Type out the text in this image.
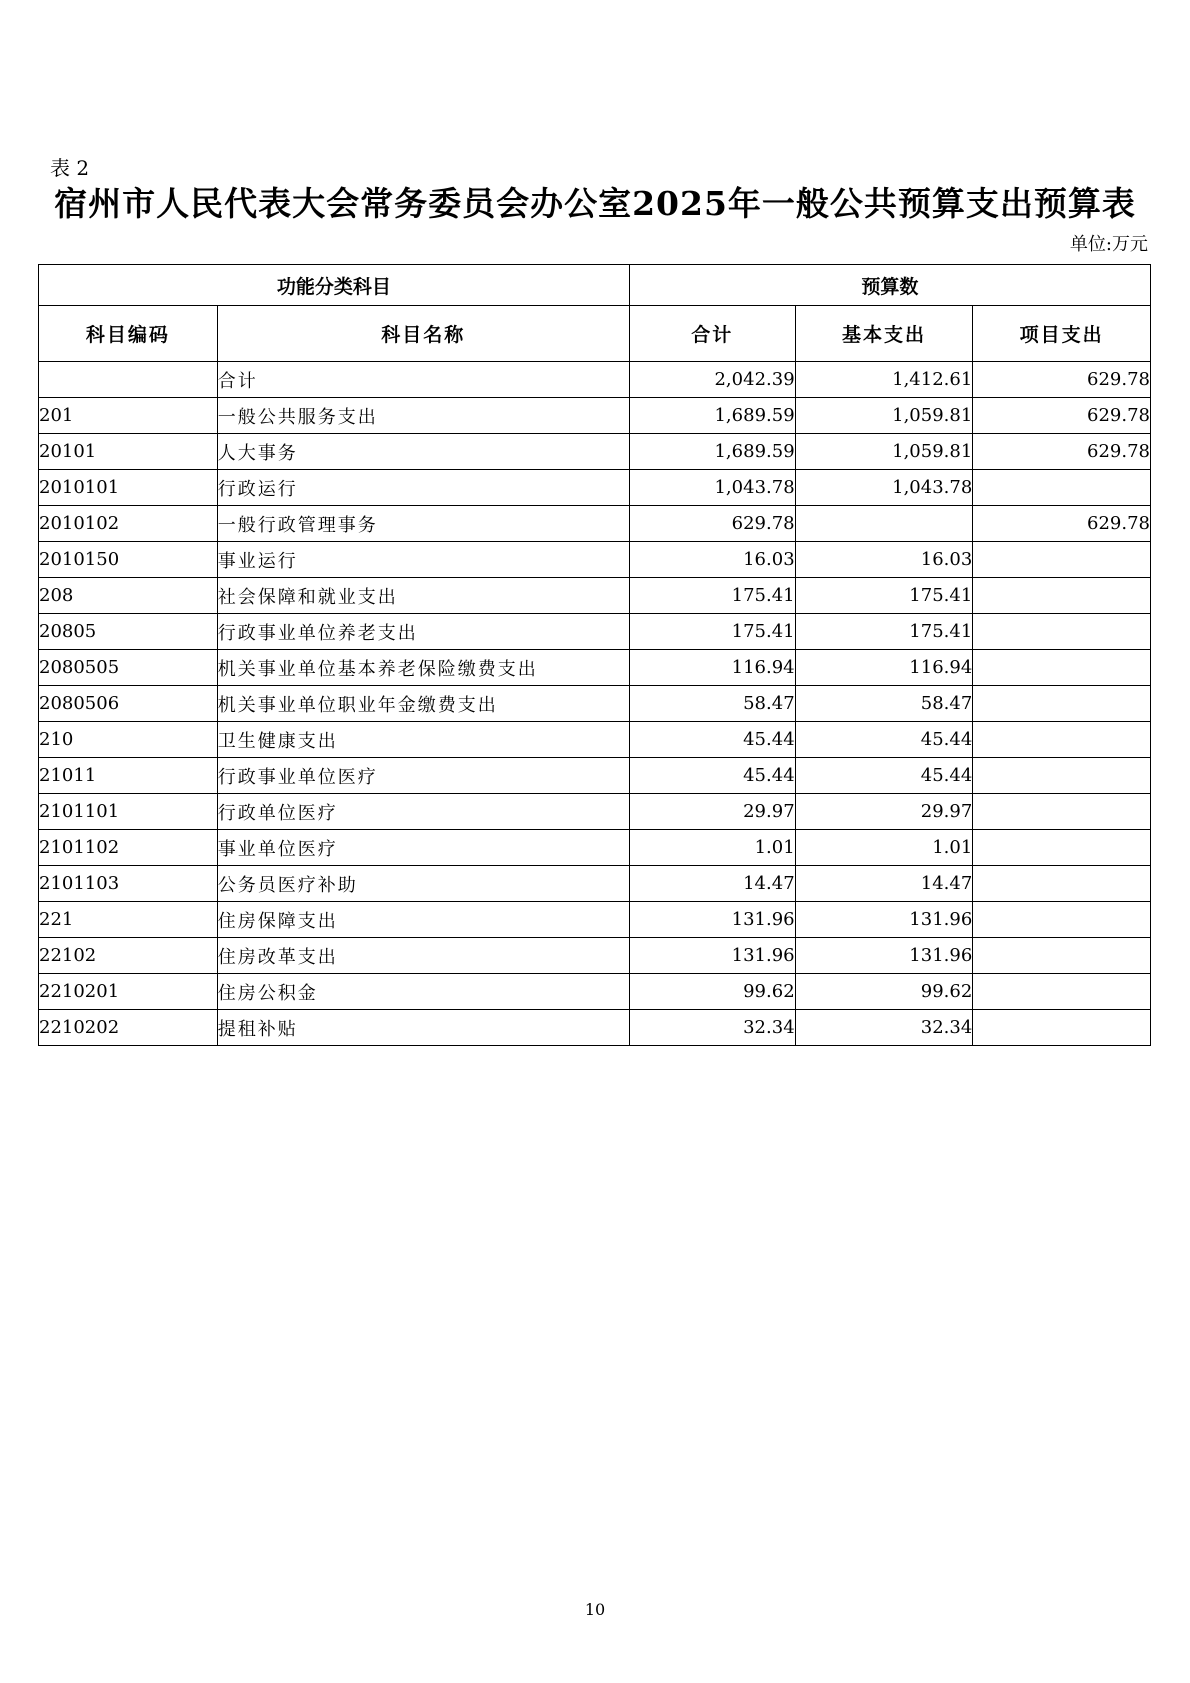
表 2
宿州市人民代表大会常务委员会办公室2025年一般公共预算支出预算表
单位:万元
功能分类科目		预算数		
科目编码	科目名称	合计	基本支出	项目支出
	合计	2,042.39	1,412.61	629.78
201	一般公共服务支出	1,689.59	1,059.81	629.78
20101	人大事务	1,689.59	1,059.81	629.78
2010101	行政运行	1,043.78	1,043.78	
2010102	一般行政管理事务	629.78		629.78
2010150	事业运行	16.03	16.03	
208	社会保障和就业支出	175.41	175.41	
20805	行政事业单位养老支出	175.41	175.41	
2080505	机关事业单位基本养老保险缴费支出	116.94	116.94	
2080506	机关事业单位职业年金缴费支出	58.47	58.47	
210	卫生健康支出	45.44	45.44	
21011	行政事业单位医疗	45.44	45.44	
2101101	行政单位医疗	29.97	29.97	
2101102	事业单位医疗	1.01	1.01	
2101103	公务员医疗补助	14.47	14.47	
221	住房保障支出	131.96	131.96	
22102	住房改革支出	131.96	131.96	
2210201	住房公积金	99.62	99.62	
2210202	提租补贴	32.34	32.34	
10
